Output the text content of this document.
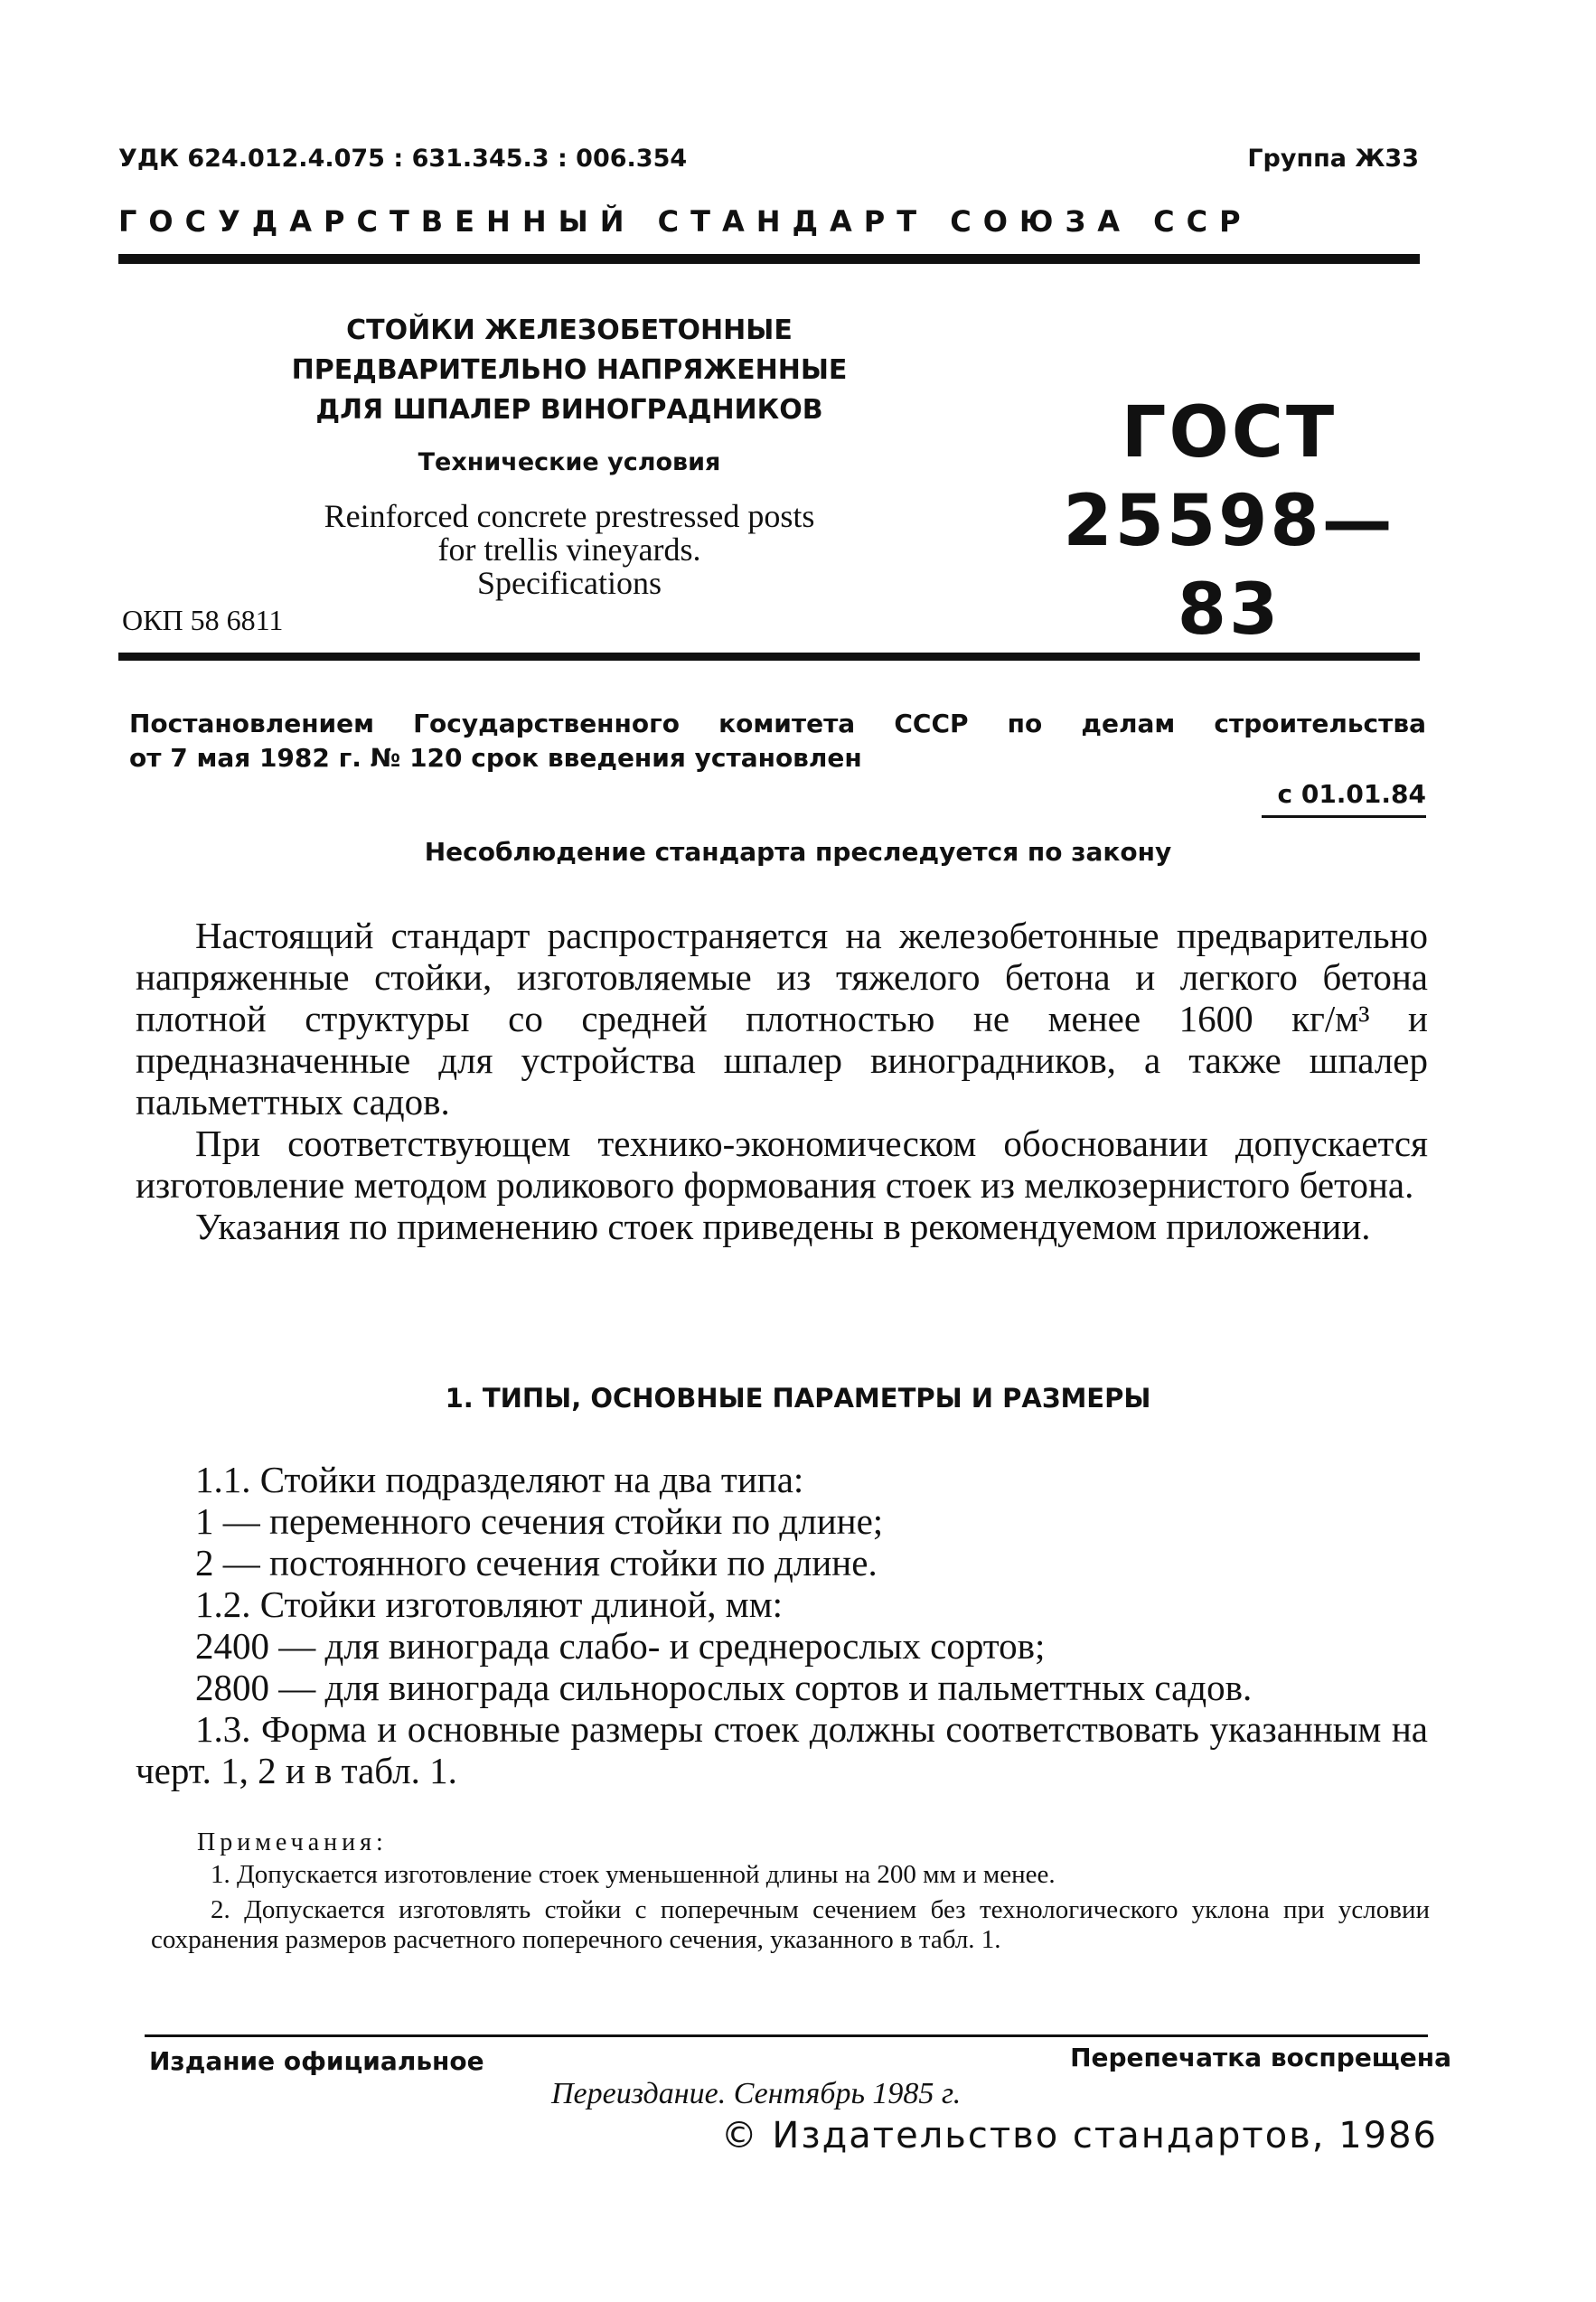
УДК 624.012.4.075 : 631.345.3 : 006.354	Группа Ж33
ГОСУДАРСТВЕННЫЙ СТАНДАРТ СОЮЗА ССР
СТОЙКИ ЖЕЛЕЗОБЕТОННЫЕ
ПРЕДВАРИТЕЛЬНО НАПРЯЖЕННЫЕ
ДЛЯ ШПАЛЕР ВИНОГРАДНИКОВ
Технические условия
Reinforced concrete prestressed posts
for trellis vineyards.
Specifications
ГОСТ
25598—83
ОКП 58 6811
Постановлением Государственного комитета СССР по делам строительства
от 7 мая 1982 г. № 120 срок введения установлен
с 01.01.84
Несоблюдение стандарта преследуется по закону

Настоящий стандарт распространяется на железобетонные предварительно напряженные стойки, изготовляемые из тяжелого бетона и легкого бетона плотной структуры со средней плотностью не менее 1600 кг/м³ и предназначенные для устройства шпалер виноградников, а также шпалер пальметтных садов.

При соответствующем технико-экономическом обосновании допускается изготовление методом роликового формования стоек из мелкозернистого бетона.

Указания по применению стоек приведены в рекомендуемом приложении.

1. ТИПЫ, ОСНОВНЫЕ ПАРАМЕТРЫ И РАЗМЕРЫ

1.1. Стойки подразделяют на два типа:

1 — переменного сечения стойки по длине;

2 — постоянного сечения стойки по длине.

1.2. Стойки изготовляют длиной, мм:

2400 — для винограда слабо- и среднерослых сортов;

2800 — для винограда сильнорослых сортов и пальметтных садов.

1.3. Форма и основные размеры стоек должны соответствовать указанным на черт. 1, 2 и в табл. 1.

Примечания:

1. Допускается изготовление стоек уменьшенной длины на 200 мм и менее.

2. Допускается изготовлять стойки с поперечным сечением без технологического уклона при условии сохранения размеров расчетного поперечного сечения, указанного в табл. 1.

Издание официальное	Перепечатка воспрещена
Переиздание. Сентябрь 1985 г.
© Издательство стандартов, 1986
